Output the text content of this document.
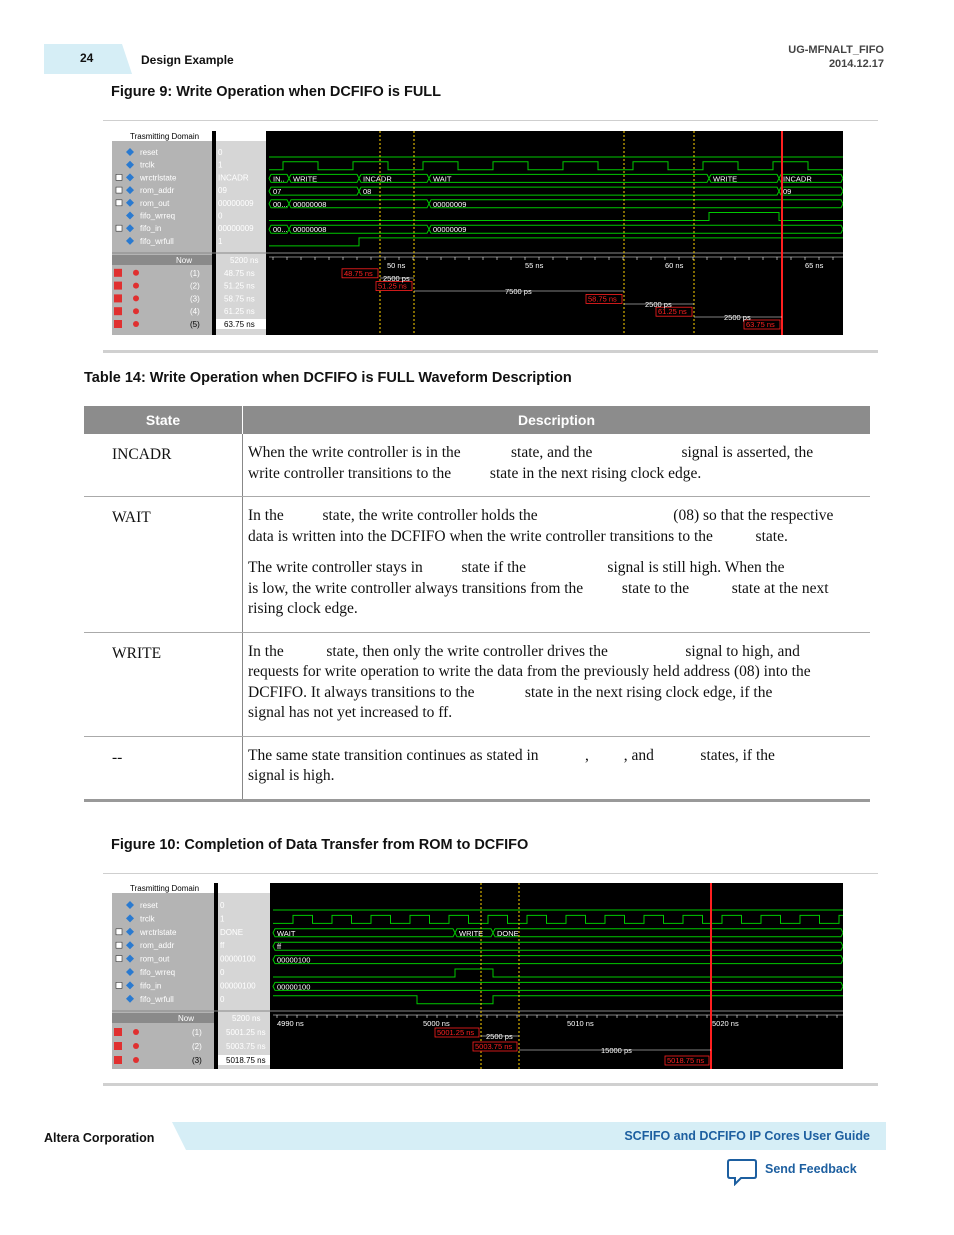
24	Design Example
UG-MFNALT_FIFO
2014.12.17
Figure 9: Write Operation when DCFIFO is FULL
Trasmitting Domain
reset	0
trclk	1
wrctrlstate	INCADR
rom_addr	09
rom_out	00000009
fifo_wrreq	0
fifo_in	00000009
fifo_wrfull	1
Now	5200 ns
(1)	48.75 ns
(2)	51.25 ns
(3)	58.75 ns
(4)	61.25 ns
(5)	63.75 ns
IN.. WRITE	INCADR	WAIT	WRITE	INCADR
07	08	09
00... 00000008	00000009
00... 00000008	00000009
50 ns	55 ns	60 ns	65 ns
48.75 ns
51.25 ns
58.75 ns
61.25 ns
63.75 ns
2500 ps
7500 ps
2500 ps
2500 ps
Table 14: Write Operation when DCFIFO is FULL Waveform Description
State	Description
INCADR	When the write controller is in the             state, and the                       signal is asserted, the write controller transitions to the          state in the next rising clock edge.

WAIT	In the          state, the write controller holds the                                   (08) so that the respective data is written into the DCFIFO when the write controller transitions to the           state.

The write controller stays in          state if the                     signal is still high. When the                    is low, the write controller always transitions from the          state to the           state at the next rising clock edge.

WRITE	In the           state, then only the write controller drives the                    signal to high, and requests for write operation to write the data from the previously held address (08) into the DCFIFO. It always transitions to the             state in the next rising clock edge, if the                  signal has not yet increased to ff.

--	The same state transition continues as stated in            ,         , and            states, if the                  signal is high.

Figure 10: Completion of Data Transfer from ROM to DCFIFO
Trasmitting Domain
reset	0
trclk	1
wrctrlstate	DONE
rom_addr	ff
rom_out	00000100
fifo_wrreq	0
fifo_in	00000100
fifo_wrfull	0
Now	5200 ns
(1)	5001.25 ns
(2)	5003.75 ns
(3)	5018.75 ns
WAIT	WRITE DONE
ff
00000100
00000100
4990 ns	5000 ns	5010 ns	5020 ns
5001.25 ns
5003.75 ns
5018.75 ns
2500 ps
15000 ps
Altera Corporation	SCFIFO and DCFIFO IP Cores User Guide
Send Feedback
